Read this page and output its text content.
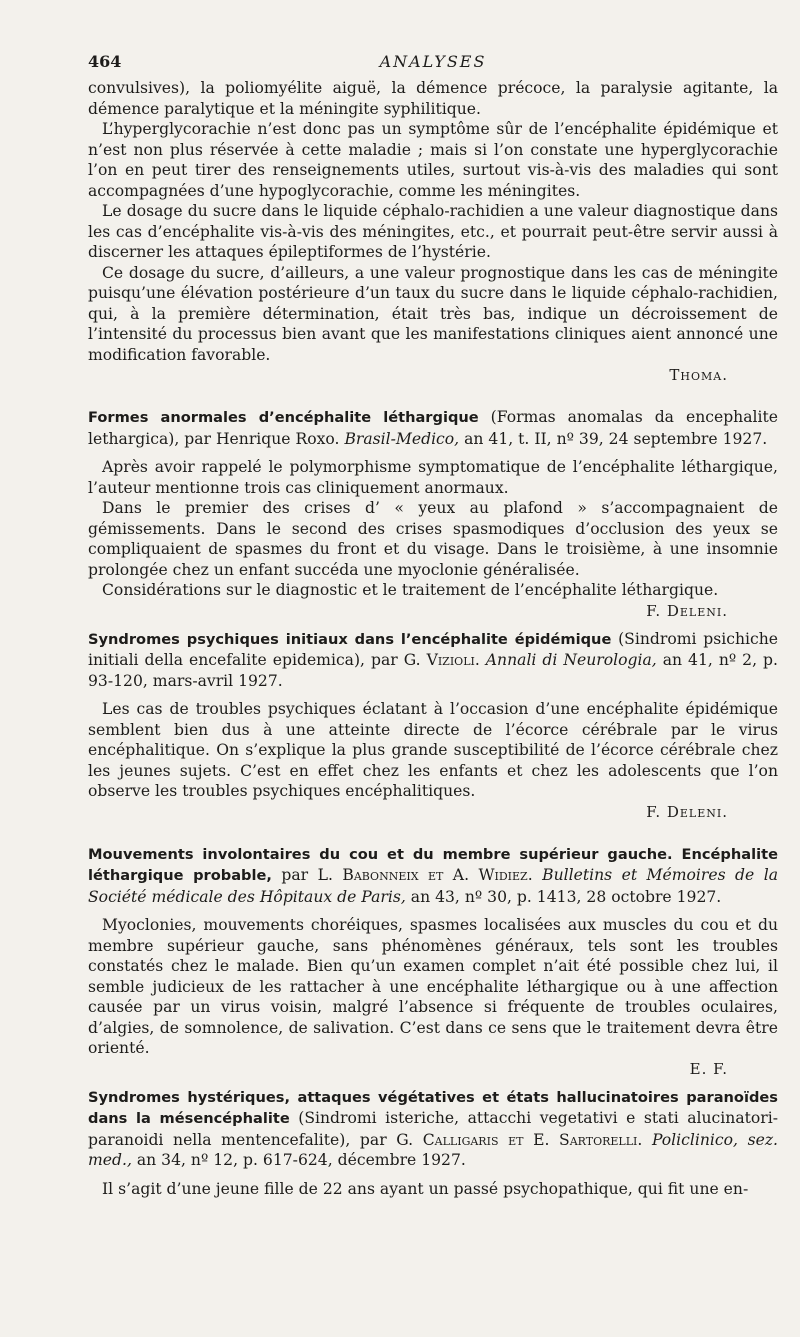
464	ANALYSES

convulsives), la poliomyélite aiguë, la démence précoce, la paralysie agitante, la démence paralytique et la méningite syphilitique.

L’hyperglycorachie n’est donc pas un symptôme sûr de l’encéphalite épidémique et n’est non plus réservée à cette maladie ; mais si l’on constate une hyperglycorachie l’on en peut tirer des renseignements utiles, surtout vis-à-vis des maladies qui sont accompagnées d’une hypoglycorachie, comme les méningites.

Le dosage du sucre dans le liquide céphalo-rachidien a une valeur diagnostique dans les cas d’encéphalite vis-à-vis des méningites, etc., et pourrait peut-être servir aussi à discerner les attaques épileptiformes de l’hystérie.

Ce dosage du sucre, d’ailleurs, a une valeur prognostique dans les cas de méningite puisqu’une élévation postérieure d’un taux du sucre dans le liquide céphalo-rachidien, qui, à la première détermination, était très bas, indique un décroissement de l’intensité du processus bien avant que les manifestations cliniques aient annoncé une modification favorable.

Thoma.

Formes anormales d’encéphalite léthargique (Formas anomalas da encephalite lethargica), par Henrique Roxo. Brasil-Medico, an 41, t. II, nº 39, 24 septembre 1927.

Après avoir rappelé le polymorphisme symptomatique de l’encéphalite léthargique, l’auteur mentionne trois cas cliniquement anormaux.

Dans le premier des crises d’ « yeux au plafond » s’accompagnaient de gémissements. Dans le second des crises spasmodiques d’occlusion des yeux se compliquaient de spasmes du front et du visage. Dans le troisième, à une insomnie prolongée chez un enfant succéda une myoclonie généralisée.

Considérations sur le diagnostic et le traitement de l’encéphalite léthargique.

F. Deleni.

Syndromes psychiques initiaux dans l’encéphalite épidémique (Sindromi psichiche initiali della encefalite epidemica), par G. Vizioli. Annali di Neurologia, an 41, nº 2, p. 93-120, mars-avril 1927.

Les cas de troubles psychiques éclatant à l’occasion d’une encéphalite épidémique semblent bien dus à une atteinte directe de l’écorce cérébrale par le virus encéphalitique. On s’explique la plus grande susceptibilité de l’écorce cérébrale chez les jeunes sujets. C’est en effet chez les enfants et chez les adolescents que l’on observe les troubles psychiques encéphalitiques.

F. Deleni.

Mouvements involontaires du cou et du membre supérieur gauche. Encéphalite léthargique probable, par L. Babonneix et A. Widiez. Bulletins et Mémoires de la Société médicale des Hôpitaux de Paris, an 43, nº 30, p. 1413, 28 octobre 1927.

Myoclonies, mouvements choréiques, spasmes localisées aux muscles du cou et du membre supérieur gauche, sans phénomènes généraux, tels sont les troubles constatés chez le malade. Bien qu’un examen complet n’ait été possible chez lui, il semble judicieux de les rattacher à une encéphalite léthargique ou à une affection causée par un virus voisin, malgré l’absence si fréquente de troubles oculaires, d’algies, de somnolence, de salivation. C’est dans ce sens que le traitement devra être orienté.

E. F.

Syndromes hystériques, attaques végétatives et états hallucinatoires paranoïdes dans la mésencéphalite (Sindromi isteriche, attacchi vegetativi e stati alucinatori-paranoidi nella mentencefalite), par G. Calligaris et E. Sartorelli. Policlinico, sez. med., an 34, nº 12, p. 617-624, décembre 1927.

Il s’agit d’une jeune fille de 22 ans ayant un passé psychopathique, qui fit une en-
